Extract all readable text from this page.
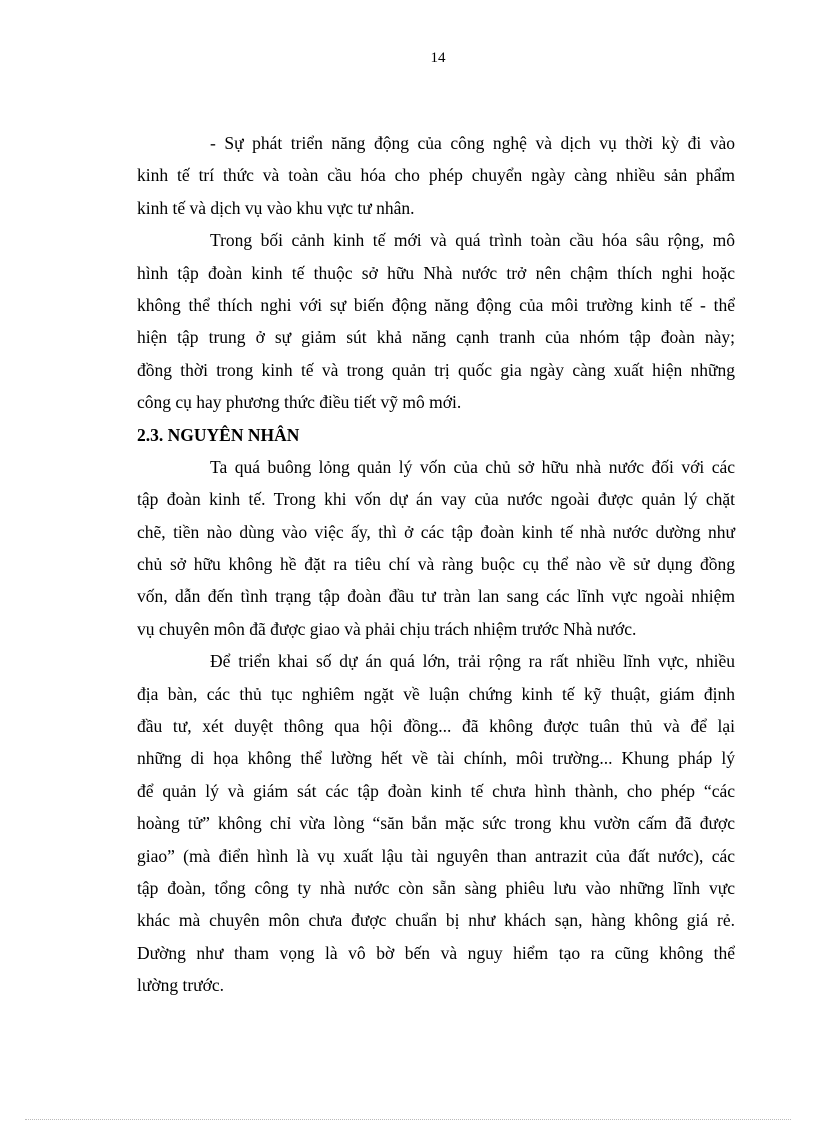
14
- Sự phát triển năng động của công nghệ và dịch vụ thời kỳ đi vào
kinh tế trí thức và toàn cầu hóa cho phép chuyển ngày càng nhiều sản phẩm
kinh tế và dịch vụ vào khu vực tư nhân.
Trong bối cảnh kinh tế mới và quá trình toàn cầu hóa sâu rộng, mô
hình tập đoàn kinh tế thuộc sở hữu Nhà nước trở nên chậm thích nghi hoặc
không thể thích nghi với sự biến động năng động của môi trường kinh tế - thể
hiện tập trung ở sự giảm sút khả năng cạnh tranh của nhóm tập đoàn này;
đồng thời trong kinh tế và trong quản trị quốc gia ngày càng xuất hiện những
công cụ hay phương thức điều tiết vỹ mô mới.
2.3. NGUYÊN NHÂN
Ta quá buông lỏng quản lý vốn của chủ sở hữu nhà nước đối với các
tập đoàn kinh tế. Trong khi vốn dự án vay của nước ngoài được quản lý chặt
chẽ, tiền nào dùng vào việc ấy, thì ở các tập đoàn kinh tế nhà nước dường như
chủ sở hữu không hề đặt ra tiêu chí và ràng buộc cụ thể nào về sử dụng đồng
vốn, dẫn đến tình trạng tập đoàn đầu tư tràn lan sang các lĩnh vực ngoài nhiệm
vụ chuyên môn đã được giao và phải chịu trách nhiệm trước Nhà nước.
Để triển khai số dự án quá lớn, trải rộng ra rất nhiều lĩnh vực, nhiều
địa bàn, các thủ tục nghiêm ngặt về luận chứng kinh tế kỹ thuật, giám định
đầu tư, xét duyệt thông qua hội đồng... đã không được tuân thủ và để lại
những di họa không thể lường hết về tài chính, môi trường... Khung pháp lý
để quản lý và giám sát các tập đoàn kinh tế chưa hình thành, cho phép “các
hoàng tử” không chỉ vừa lòng “săn bắn mặc sức trong khu vườn cấm đã được
giao” (mà điển hình là vụ xuất lậu tài nguyên than antrazit của đất nước), các
tập đoàn, tổng công ty nhà nước còn sẵn sàng phiêu lưu vào những lĩnh vực
khác mà chuyên môn chưa được chuẩn bị như khách sạn, hàng không giá rẻ.
Dường như tham vọng là vô bờ bến và nguy hiểm tạo ra cũng không thể
lường trước.
